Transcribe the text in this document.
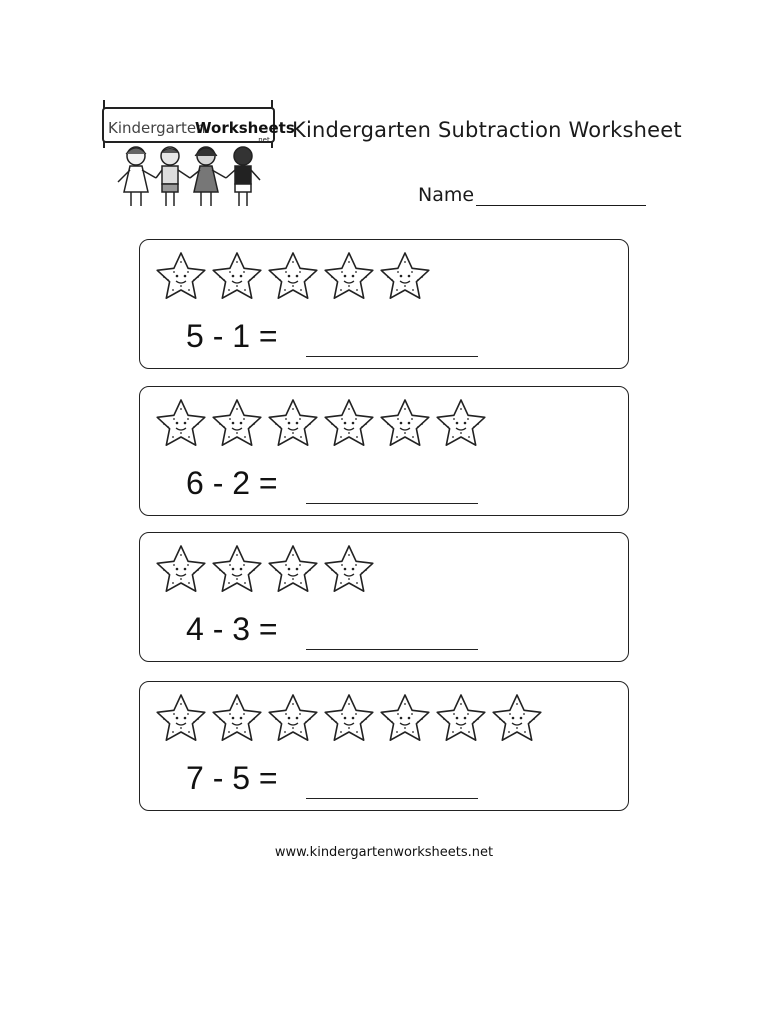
Kindergarten
Worksheets
.net Kindergarten Subtraction Worksheet
Name
5 - 1 =
6 - 2 =
4 - 3 =
7 - 5 =
www.kindergartenworksheets.net
